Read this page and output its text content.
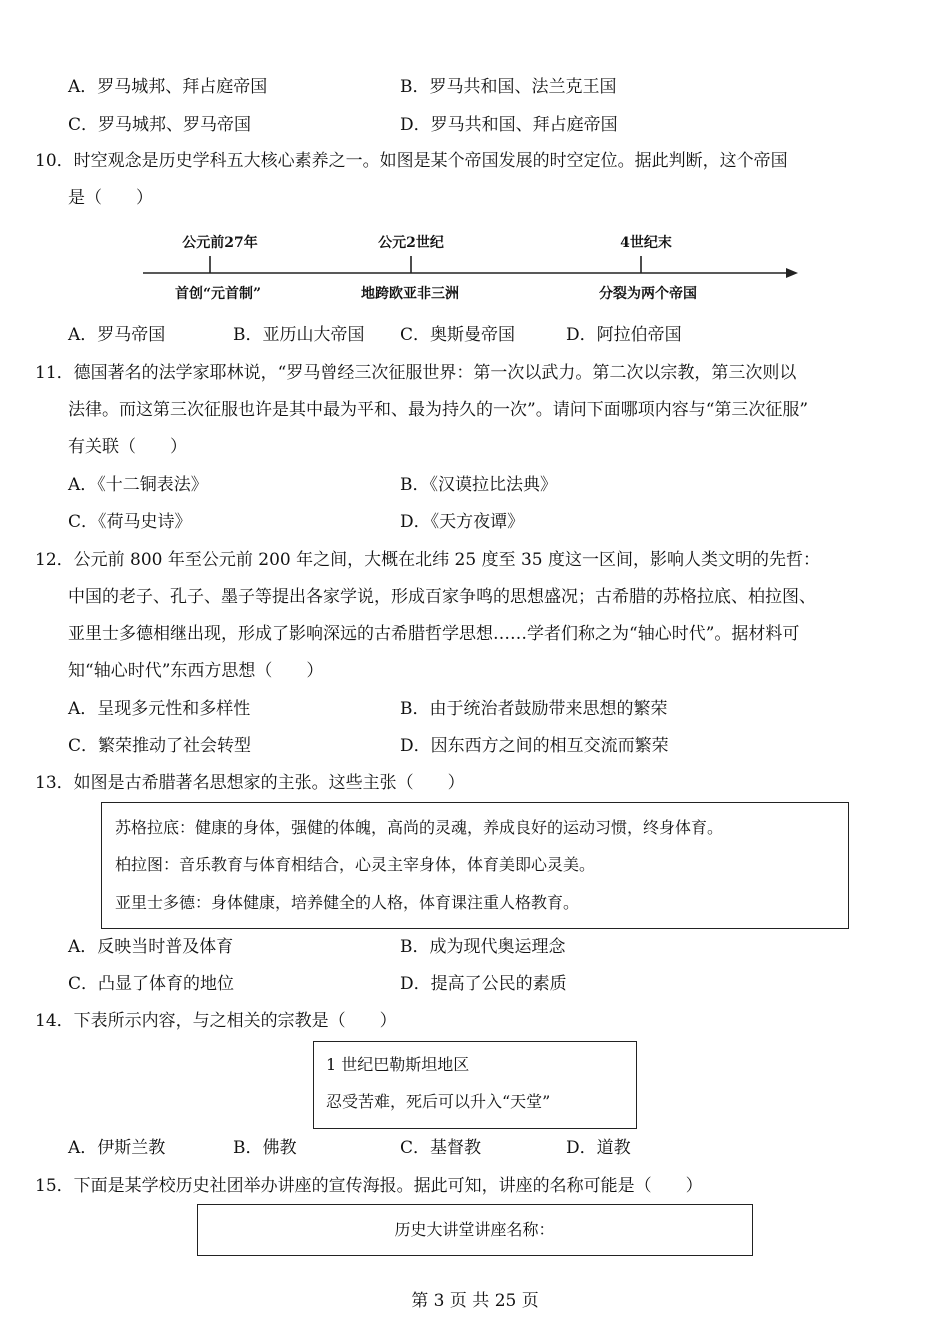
A．罗马城邦、拜占庭帝国	B．罗马共和国、法兰克王国
C．罗马城邦、罗马帝国	D．罗马共和国、拜占庭帝国
10．时空观念是历史学科五大核心素养之一。如图是某个帝国发展的时空定位。据此判断，这个帝国
是（　　）
公元前27年	公元2世纪	4世纪末
首创“元首制”	地跨欧亚非三洲	分裂为两个帝国
A．罗马帝国	B．亚历山大帝国 C．奥斯曼帝国	D．阿拉伯帝国
11．德国著名的法学家耶林说，“罗马曾经三次征服世界：第一次以武力。第二次以宗教，第三次则以
法律。而这第三次征服也许是其中最为平和、最为持久的一次”。请问下面哪项内容与“第三次征服”
有关联（　　）
A．《十二铜表法》	B．《汉谟拉比法典》
C．《荷马史诗》	D．《天方夜谭》
12．公元前 800 年至公元前 200 年之间，大概在北纬 25 度至 35 度这一区间，影响人类文明的先哲：
中国的老子、孔子、墨子等提出各家学说，形成百家争鸣的思想盛况；古希腊的苏格拉底、柏拉图、
亚里士多德相继出现，形成了影响深远的古希腊哲学思想……学者们称之为“轴心时代”。据材料可
知“轴心时代”东西方思想（　　）
A．呈现多元性和多样性	B．由于统治者鼓励带来思想的繁荣
C．繁荣推动了社会转型	D．因东西方之间的相互交流而繁荣
13．如图是古希腊著名思想家的主张。这些主张（　　）
苏格拉底：健康的身体，强健的体魄，高尚的灵魂，养成良好的运动习惯，终身体育。
柏拉图：音乐教育与体育相结合，心灵主宰身体，体育美即心灵美。
亚里士多德：身体健康，培养健全的人格，体育课注重人格教育。
A．反映当时普及体育	B．成为现代奥运理念
C．凸显了体育的地位	D．提高了公民的素质
14．下表所示内容，与之相关的宗教是（　　）
1 世纪巴勒斯坦地区
忍受苦难，死后可以升入“天堂”
A．伊斯兰教	B．佛教	C．基督教	D．道教
15．下面是某学校历史社团举办讲座的宣传海报。据此可知，讲座的名称可能是（　　）
历史大讲堂讲座名称：
第 3 页 共 25 页
